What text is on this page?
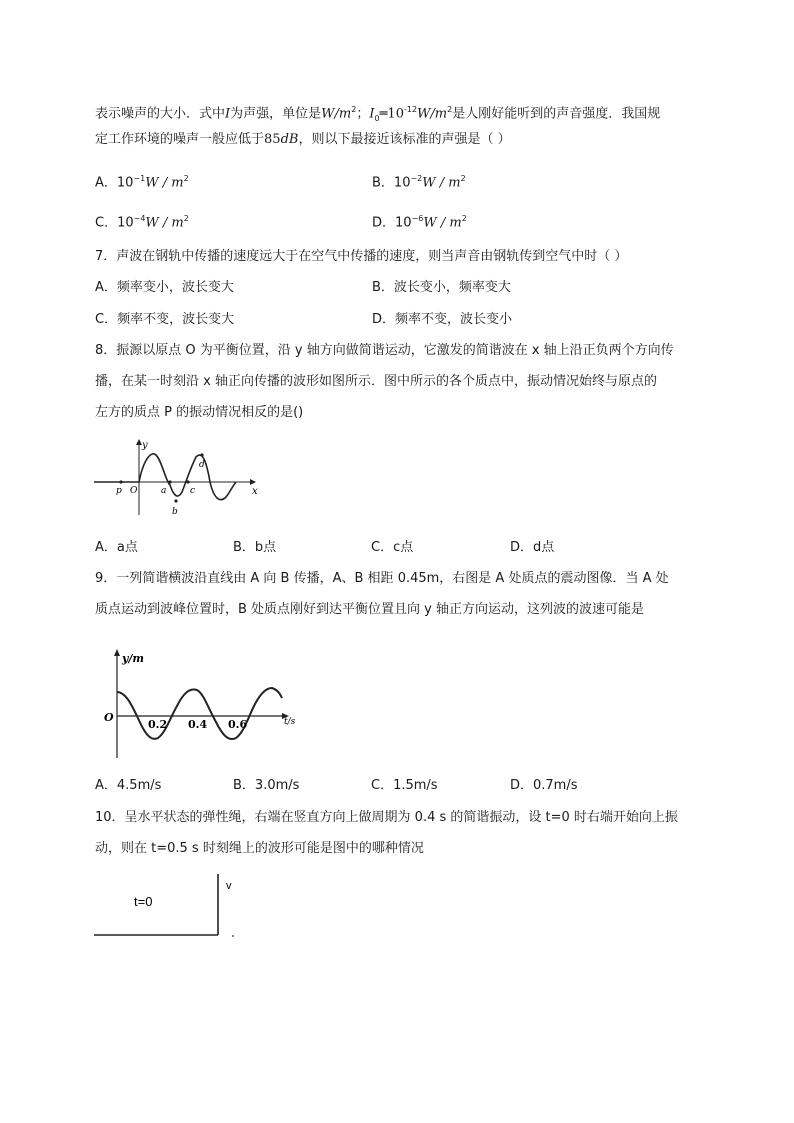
表示噪声的大小．式中I为声强，单位是$W/m^2$；$I_0═10^{-12}W/m^2$是人刚好能听到的声音强度．我国规
定工作环境的噪声一般应低于85dB，则以下最接近该标准的声强是（ ）
A．$10^{-1}W / m^2$	B．$10^{-2}W / m^2$
C．$10^{-4}W / m^2$	D．$10^{-6}W / m^2$
7．声波在钢轨中传播的速度远大于在空气中传播的速度，则当声音由钢轨传到空气中时（ ）
A．频率变小，波长变大	B．波长变小，频率变大
C．频率不变，波长变大	D．频率不变，波长变小
8．振源以原点 O 为平衡位置，沿 y 轴方向做简谐运动，它激发的简谐波在 x 轴上沿正负两个方向传
播，在某一时刻沿 x 轴正向传播的波形如图所示．图中所示的各个质点中，振动情况始终与原点的
左方的质点 P 的振动情况相反的是()
y
x
O
p	a
b
c
d
A．a点	B．b点	C．c点	D．d点
9．一列简谐横波沿直线由 A 向 B 传播，A、B 相距 0.45m，右图是 A 处质点的震动图像．当 A 处
质点运动到波峰位置时，B 处质点刚好到达平衡位置且向 y 轴正方向运动，这列波的波速可能是
y/m
O	t/s
0.2 0.4 0.6
A．4.5m/s	B．3.0m/s	C．1.5m/s	D．0.7m/s
10．呈水平状态的弹性绳，右端在竖直方向上做周期为 0.4 s 的简谐振动，设 t=0 时右端开始向上振
动，则在 t=0.5 s 时刻绳上的波形可能是图中的哪种情况
t=0
v
